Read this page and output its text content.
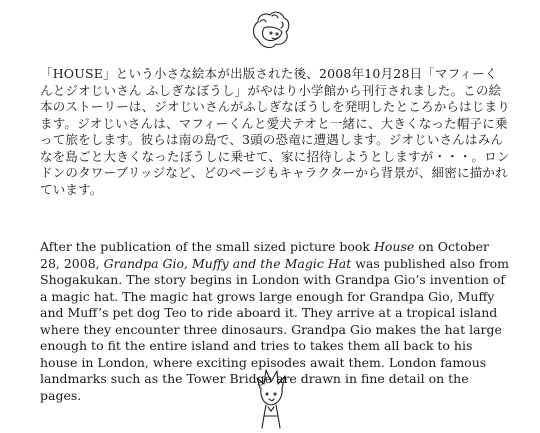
「HOUSE」という小さな絵本が出版された後、2008年10月28日「マフィーくんとジオじいさん ふしぎなぼうし」がやはり小学館から刊行されました。この絵本のストーリーは、ジオじいさんがふしぎなぼうしを発明したところからはじまります。ジオじいさんは、マフィーくんと愛犬テオと一緒に、大きくなった帽子に乗って旅をします。彼らは南の島で、3頭の恐竜に遭遇します。ジオじいさんはみんなを島ごと大きくなったぼうしに乗せて、家に招待しようとしますが・・・。ロンドンのタワーブリッジなど、どのページもキャラクターから背景が、細密に描かれています。
After the publication of the small sized picture book House on October 28, 2008, Grandpa Gio, Muffy and the Magic Hat was published also from Shogakukan. The story begins in London with Grandpa Gio’s invention of a magic hat. The magic hat grows large enough for Grandpa Gio, Muffy and Muff’s pet dog Teo to ride aboard it. They arrive at a tropical island where they encounter three dinosaurs. Grandpa Gio makes the hat large enough to fit the entire island and tries to takes them all back to his house in London, where exciting episodes await them. London famous landmarks such as the Tower Bridge are drawn in fine detail on the pages.
